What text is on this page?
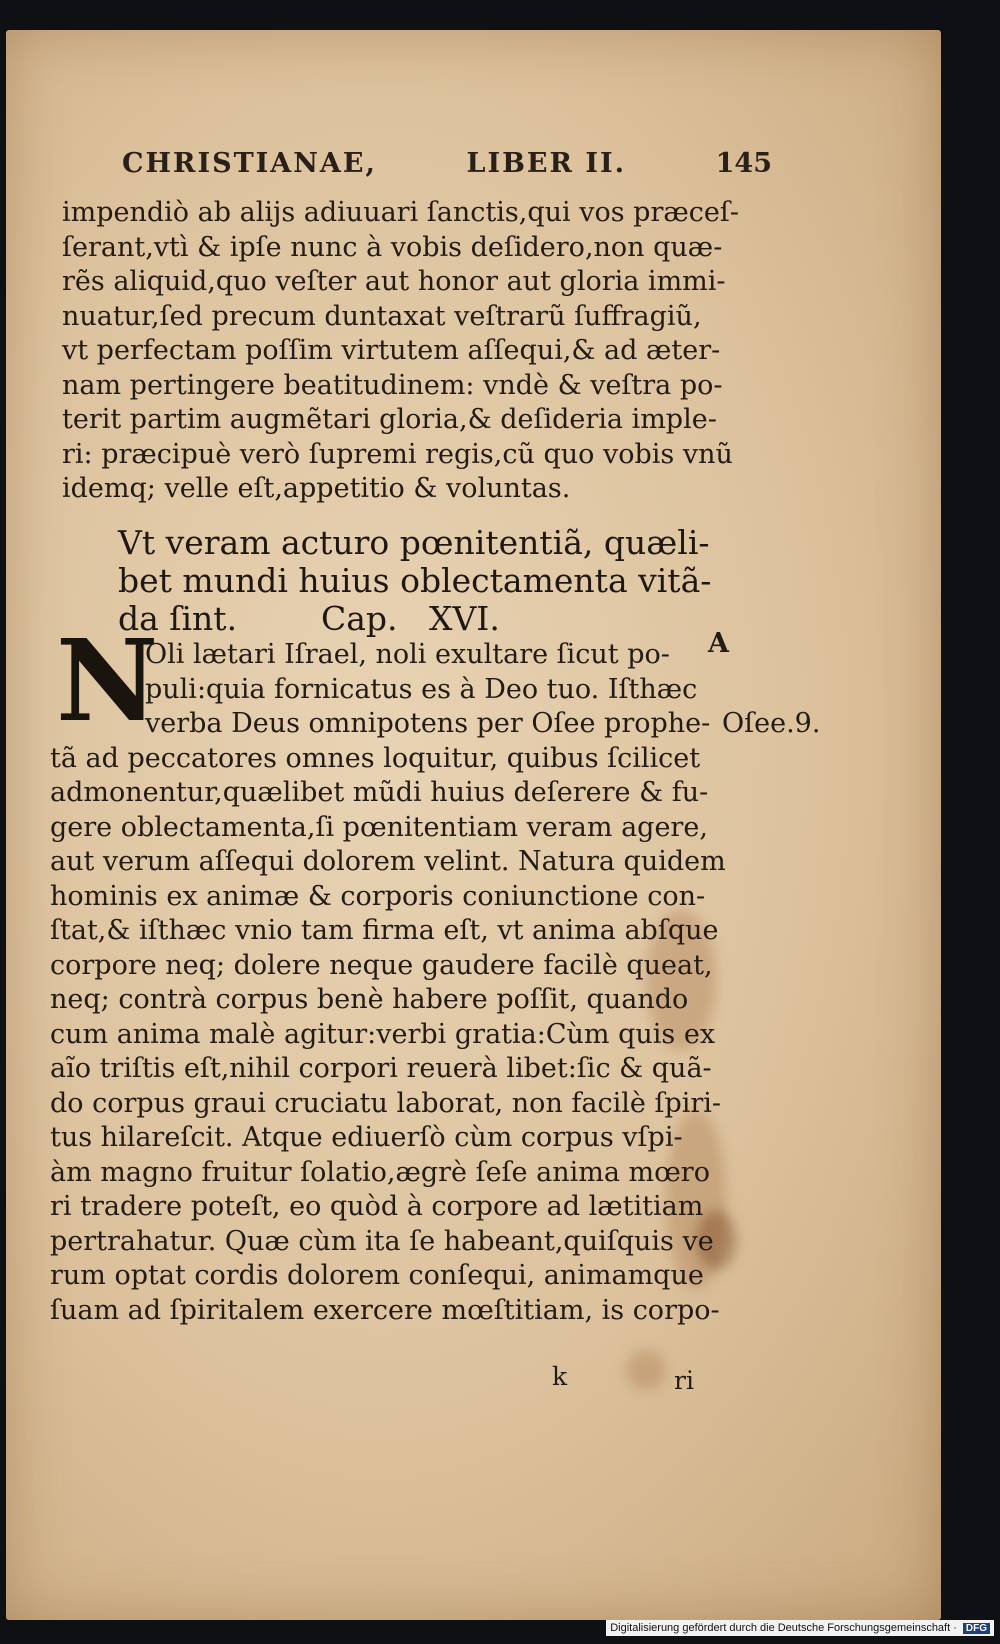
CHRISTIANAE,	LIBER II.	145
impendiò ab alijs adiuuari ſanctis,qui vos præceſ-
ſerant,vtì & ipſe nunc à vobis deſidero,non quæ-
rẽs aliquid,quo veſter aut honor aut gloria immi-
nuatur,ſed precum duntaxat veſtrarũ ſuffragiũ,
vt perfectam poſſim virtutem aſſequi,& ad æter-
nam pertingere beatitudinem: vndè & veſtra po-
terit partim augmẽtari gloria,& deſideria imple-
ri: præcipuè verò ſupremi regis,cũ quo vobis vnũ
idemq; velle eſt,appetitio & voluntas.
Vt veram acturo pœnitentiã, quæli-
bet mundi huius oblectamenta vitã-
da ſint.        Cap.   XVI.
N
Oli lætari Iſrael, noli exultare ſicut po-
puli:quia fornicatus es à Deo tuo. Iſthæc
verba Deus omnipotens per Oſee prophe-
tã ad peccatores omnes loquitur, quibus ſcilicet
admonentur,quælibet mũdi huius deſerere & fu-
gere oblectamenta,ſi pœnitentiam veram agere,
aut verum aſſequi dolorem velint. Natura quidem
hominis ex animæ & corporis coniunctione con-
ſtat,& iſthæc vnio tam firma eſt, vt anima abſque
corpore neq; dolere neque gaudere facilè queat,
neq; contrà corpus benè habere poſſit, quando
cum anima malè agitur:verbi gratia:Cùm quis ex
aĩo triſtis eſt,nihil corpori reuerà libet:ſic & quã-
do corpus graui cruciatu laborat, non facilè ſpiri-
tus hilareſcit. Atque ediuerſò cùm corpus vſpi-
àm magno fruitur ſolatio,ægrè ſeſe anima mœro
ri tradere poteſt, eo quòd à corpore ad lætitiam
pertrahatur. Quæ cùm ita ſe habeant,quiſquis ve
rum optat cordis dolorem conſequi, animamque
ſuam ad ſpiritalem exercere mœſtitiam, is corpo-
A
Oſee.9.
k	ri
Digitalisierung gefördert durch die Deutsche Forschungsgemeinschaft · DFG
